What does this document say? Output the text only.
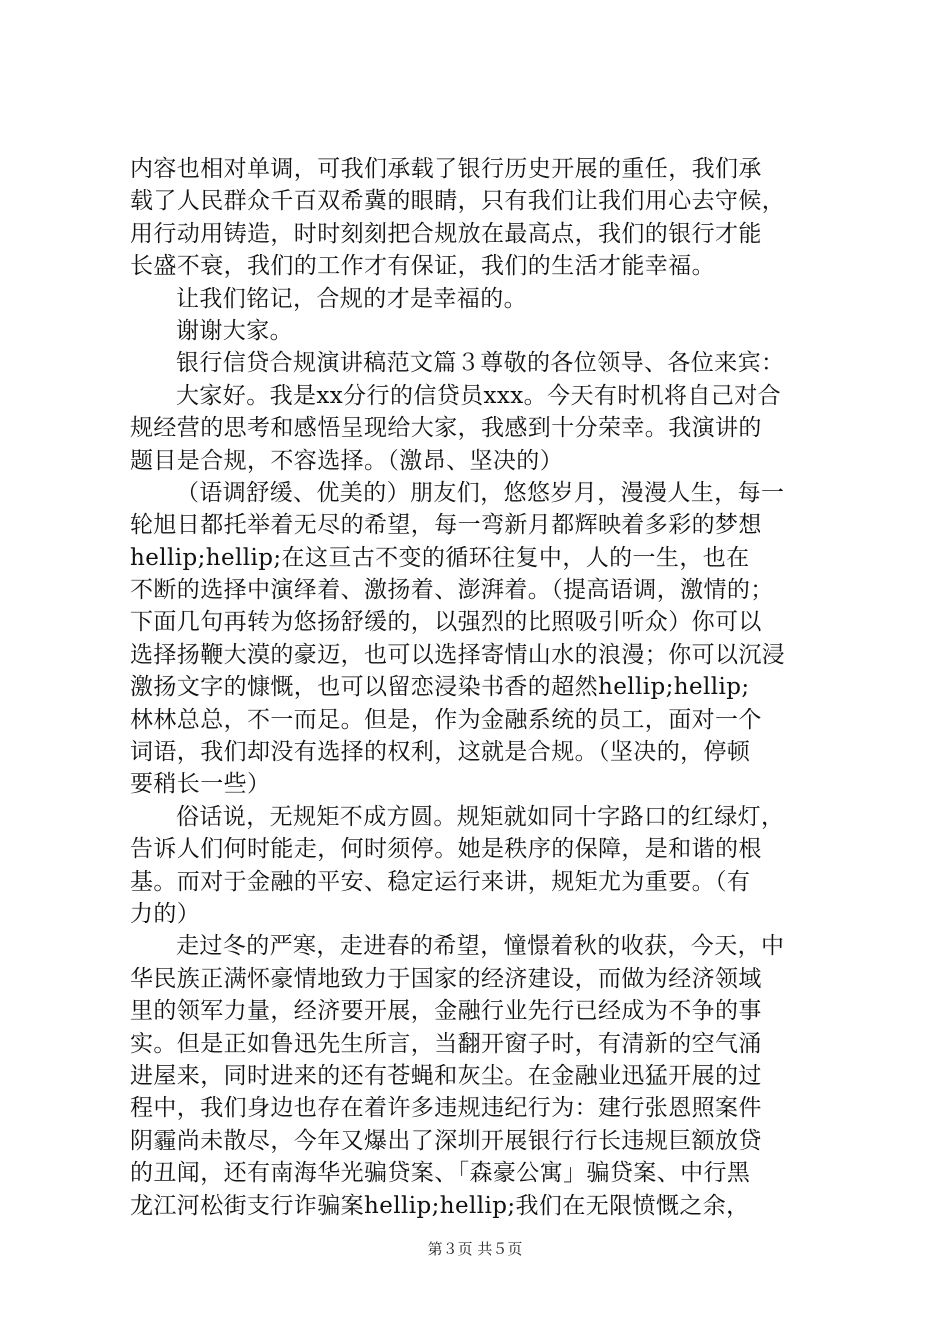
内容也相对单调，可我们承载了银行历史开展的重任，我们承
载了人民群众千百双希冀的眼睛，只有我们让我们用心去守候，
用行动用铸造，时时刻刻把合规放在最高点，我们的银行才能
长盛不衰，我们的工作才有保证，我们的生活才能幸福。
让我们铭记，合规的才是幸福的。
谢谢大家。
银行信贷合规演讲稿范文篇３尊敬的各位领导、各位来宾：
大家好。我是xx分行的信贷员xxx。今天有时机将自己对合
规经营的思考和感悟呈现给大家，我感到十分荣幸。我演讲的
题目是合规，不容选择。（激昂、坚决的）
（语调舒缓、优美的）朋友们，悠悠岁月，漫漫人生，每一
轮旭日都托举着无尽的希望，每一弯新月都辉映着多彩的梦想
hellip;hellip;在这亘古不变的循环往复中，人的一生，也在
不断的选择中演绎着、激扬着、澎湃着。（提高语调，激情的；
下面几句再转为悠扬舒缓的，以强烈的比照吸引听众）你可以
选择扬鞭大漠的豪迈，也可以选择寄情山水的浪漫；你可以沉浸
激扬文字的慷慨，也可以留恋浸染书香的超然hellip;hellip;
林林总总，不一而足。但是，作为金融系统的员工，面对一个
词语，我们却没有选择的权利，这就是合规。（坚决的，停顿
要稍长一些）
俗话说，无规矩不成方圆。规矩就如同十字路口的红绿灯，
告诉人们何时能走，何时须停。她是秩序的保障，是和谐的根
基。而对于金融的平安、稳定运行来讲，规矩尤为重要。（有
力的）
走过冬的严寒，走进春的希望，憧憬着秋的收获，今天，中
华民族正满怀豪情地致力于国家的经济建设，而做为经济领域
里的领军力量，经济要开展，金融行业先行已经成为不争的事
实。但是正如鲁迅先生所言，当翻开窗子时，有清新的空气涌
进屋来，同时进来的还有苍蝇和灰尘。在金融业迅猛开展的过
程中，我们身边也存在着许多违规违纪行为：建行张恩照案件
阴霾尚未散尽，今年又爆出了深圳开展银行行长违规巨额放贷
的丑闻，还有南海华光骗贷案、「森豪公寓」骗贷案、中行黑
龙江河松街支行诈骗案hellip;hellip;我们在无限愤慨之余，
第３页 共５页
